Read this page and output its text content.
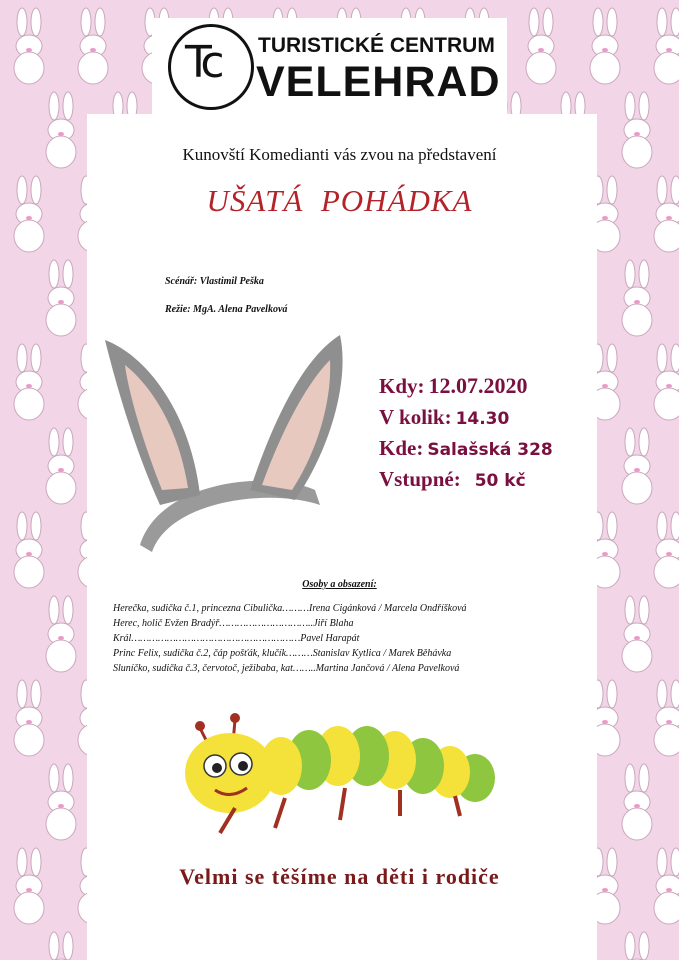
Tc TURISTICKÉ CENTRUM
VELEHRAD
Kunovští Komedianti vás zvou na představení
UŠATÁ  POHÁDKA
Scénář: Vlastimil Peška
Režie: MgA. Alena Pavelková
Kdy: 12.07.2020
V kolik: 14.30
Kde: Salašská 328
Vstupné: 50 kč
Osoby a obsazení:
Herečka, sudička č.1, princezna Cibulička………Irena Cigánková / Marcela Ondříšková
Herec, holič Evžen Bradýř…………………………..Jiří Blaha
Král…………………………………………………Pavel Harapát
Princ Felix, sudička č.2, čáp pošťák, klučík………Stanislav Kytlica / Marek Běhávka
Sluníčko, sudička č.3, červotoč, ježibaba, kat……..Martina Jančová / Alena Pavelková
Velmi se těšíme na děti i rodiče
